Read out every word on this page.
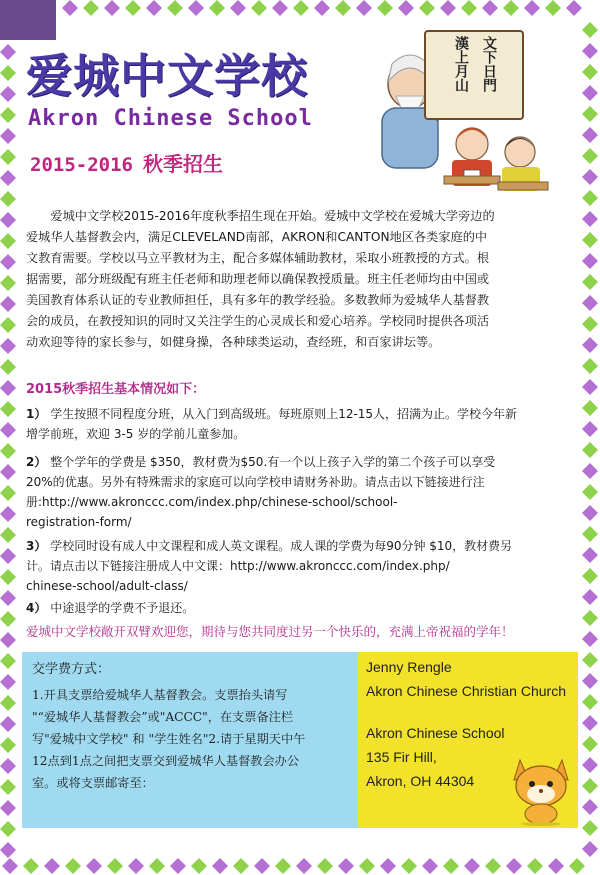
爱城中文学校
Akron Chinese School
2015-2016 秋季招生
文下日門
漢上月山
爱城中文学校2015-2016年度秋季招生现在开始。爱城中文学校在爱城大学旁边的
爱城华人基督教会内，满足CLEVELAND南部，AKRON和CANTON地区各类家庭的中
文教育需要。学校以马立平教材为主，配合多媒体辅助教材，采取小班教授的方式。根
据需要，部分班级配有班主任老师和助理老师以确保教授质量。班主任老师均由中国或
美国教育体系认证的专业教师担任，具有多年的教学经验。多数教师为爱城华人基督教
会的成员，在教授知识的同时又关注学生的心灵成长和爱心培养。学校同时提供各项活
动欢迎等待的家长参与，如健身操，各种球类运动，查经班，和百家讲坛等。
2015秋季招生基本情况如下：
1） 学生按照不同程度分班，从入门到高级班。每班原则上12-15人，招满为止。学校今年新
增学前班，欢迎 3-5 岁的学前儿童参加。
2） 整个学年的学费是 $350，教材费为$50.有一个以上孩子入学的第二个孩子可以享受
20%的优惠。另外有特殊需求的家庭可以向学校申请财务补助。请点击以下链接进行注
册:http://www.akronccc.com/index.php/chinese-school/school-
registration-form/
3） 学校同时设有成人中文课程和成人英文课程。成人课的学费为每90分钟 $10，教材费另
计。请点击以下链接注册成人中文课：http://www.akronccc.com/index.php/
chinese-school/adult-class/
4） 中途退学的学费不予退还。
爱城中文学校敞开双臂欢迎您，期待与您共同度过另一个快乐的，充满上帝祝福的学年！
交学费方式：
1.开具支票给爱城华人基督教会。支票抬头请写
"“爱城华人基督教会”或"ACCC"，在支票备注栏
写"爱城中文学校" 和 "学生姓名"2.请于星期天中午
12点到1点之间把支票交到爱城华人基督教会办公
室。或将支票邮寄至：
Jenny Rengle
Akron Chinese Christian Church
Akron Chinese School
135 Fir Hill,
Akron, OH 44304
